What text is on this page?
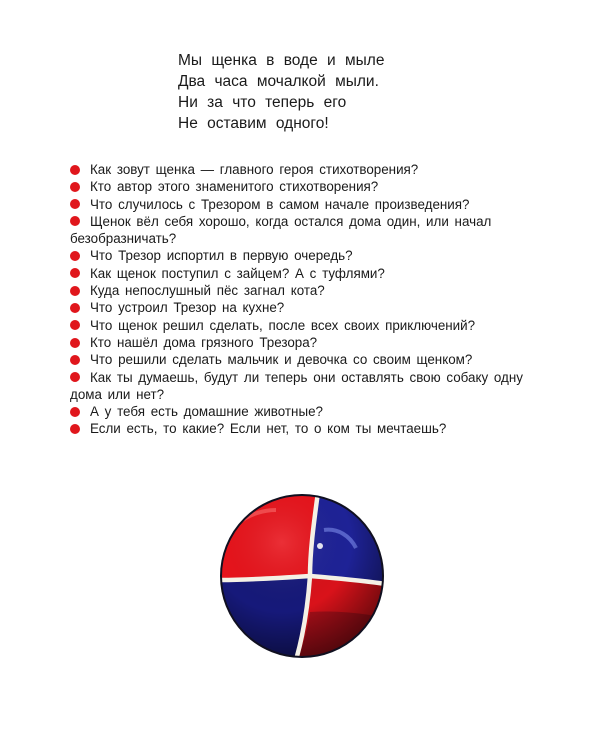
Мы щенка в воде и мыле
Два часа мочалкой мыли.
Ни за что теперь его
Не оставим одного!
Как зовут щенка — главного героя стихотворения?
Кто автор этого знаменитого стихотворения?
Что случилось с Трезором в самом начале произведения?
Щенок вёл себя хорошо, когда остался дома один, или начал безобразничать?
Что Трезор испортил в первую очередь?
Как щенок поступил с зайцем? А с туфлями?
Куда непослушный пёс загнал кота?
Что устроил Трезор на кухне?
Что щенок решил сделать, после всех своих приключений?
Кто нашёл дома грязного Трезора?
Что решили сделать мальчик и девочка со своим щенком?
Как ты думаешь, будут ли теперь они оставлять свою собаку одну дома или нет?
А у тебя есть домашние животные?
Если есть, то какие? Если нет, то о ком ты мечтаешь?
